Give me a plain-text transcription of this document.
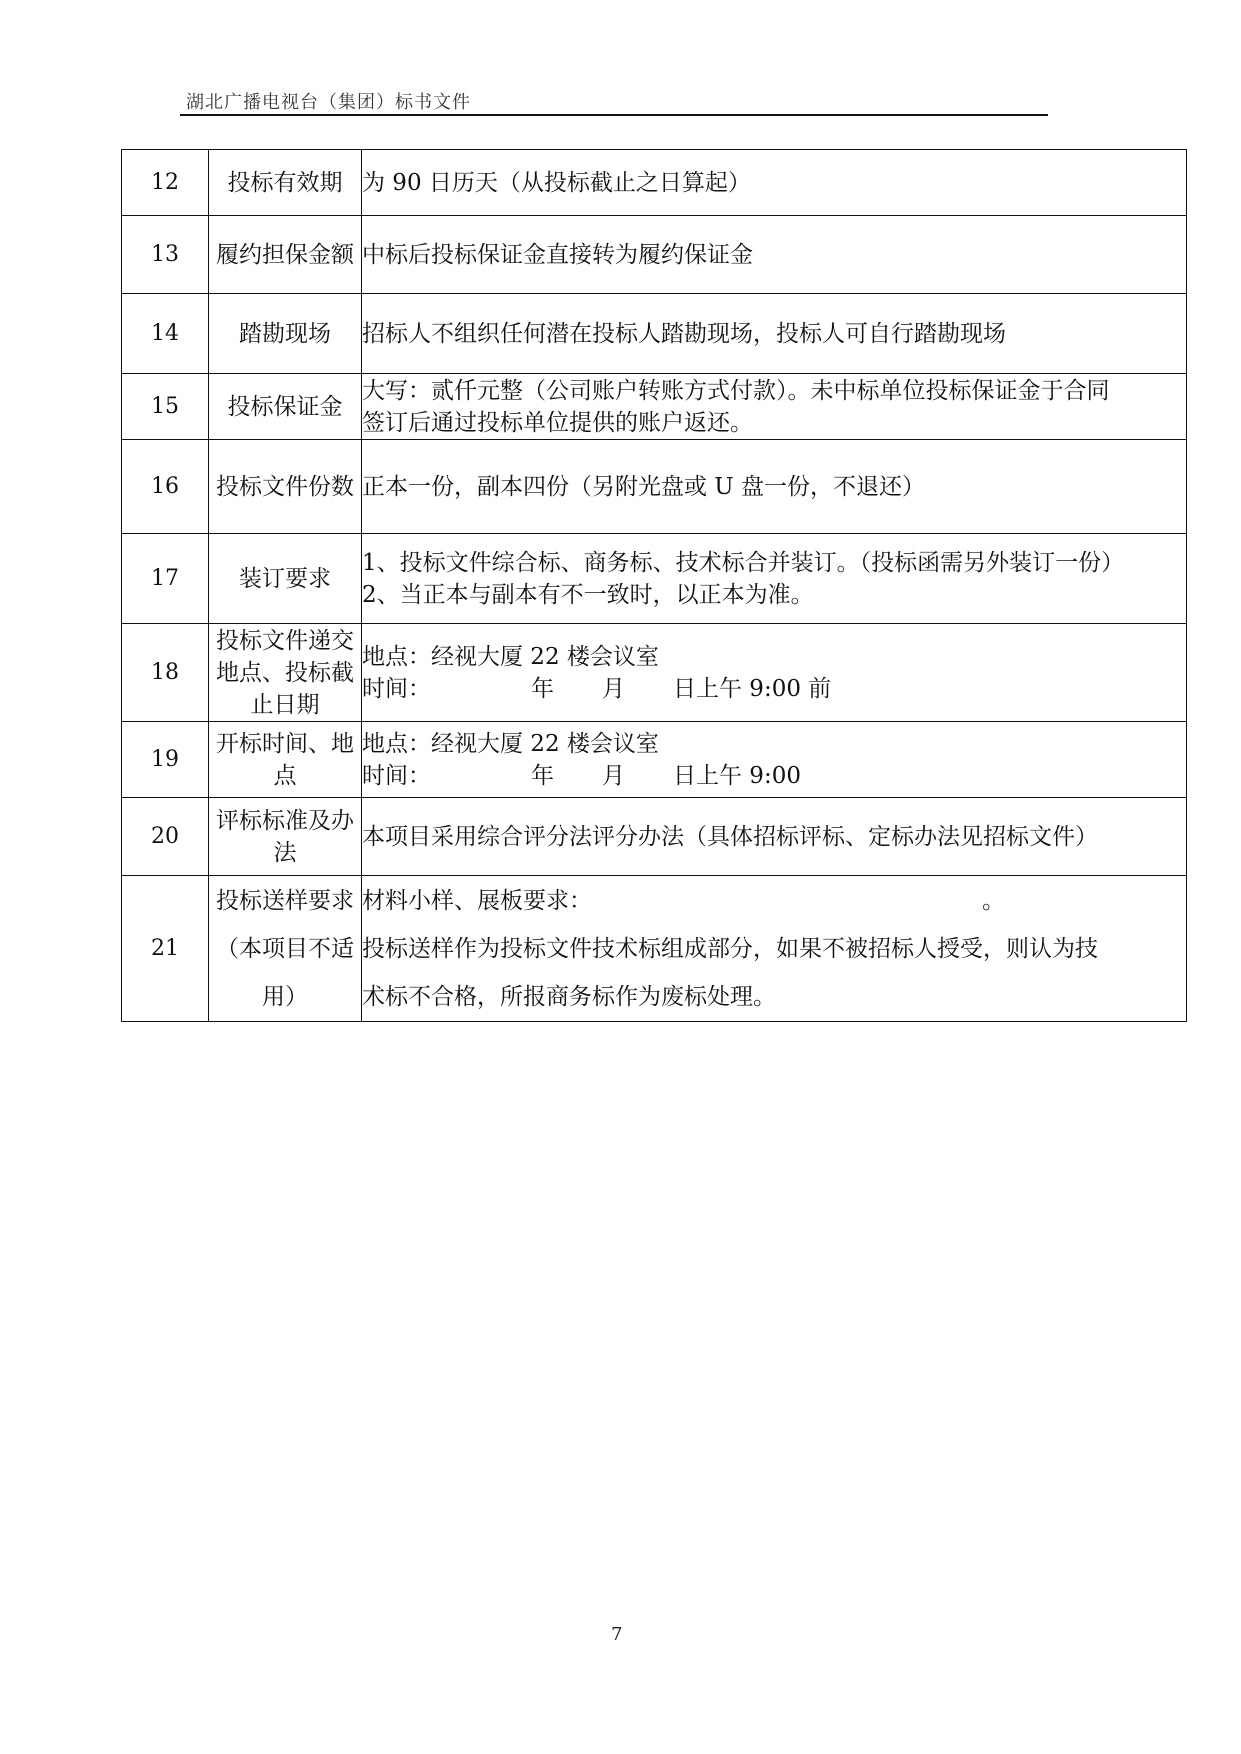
湖北广播电视台（集团）标书文件
12	投标有效期	为 90 日历天（从投标截止之日算起）

13	履约担保金额	中标后投标保证金直接转为履约保证金

14	踏勘现场	招标人不组织任何潜在投标人踏勘现场，投标人可自行踏勘现场

15	投标保证金	大写：贰仟元整（公司账户转账方式付款）。未中标单位投标保证金于合同
签订后通过投标单位提供的账户返还。

16	投标文件份数	正本一份，副本四份（另附光盘或 U 盘一份，不退还）

17	装订要求	1、投标文件综合标、商务标、技术标合并装订。（投标函需另外装订一份）
2、当正本与副本有不一致时，以正本为准。

18	投标文件递交地点、投标截止日期	地点：经视大厦 22 楼会议室
时间： 年 月 日上午 9:00 前

19	开标时间、地点	地点：经视大厦 22 楼会议室
时间： 年 月 日上午 9:00

20	评标标准及办法	本项目采用综合评分法评分办法（具体招标评标、定标办法见招标文件）

21	投标送样要求（本项目不适用）	材料小样、展板要求： 。
投标送样作为投标文件技术标组成部分，如果不被招标人授受，则认为技
术标不合格，所报商务标作为废标处理。
7
